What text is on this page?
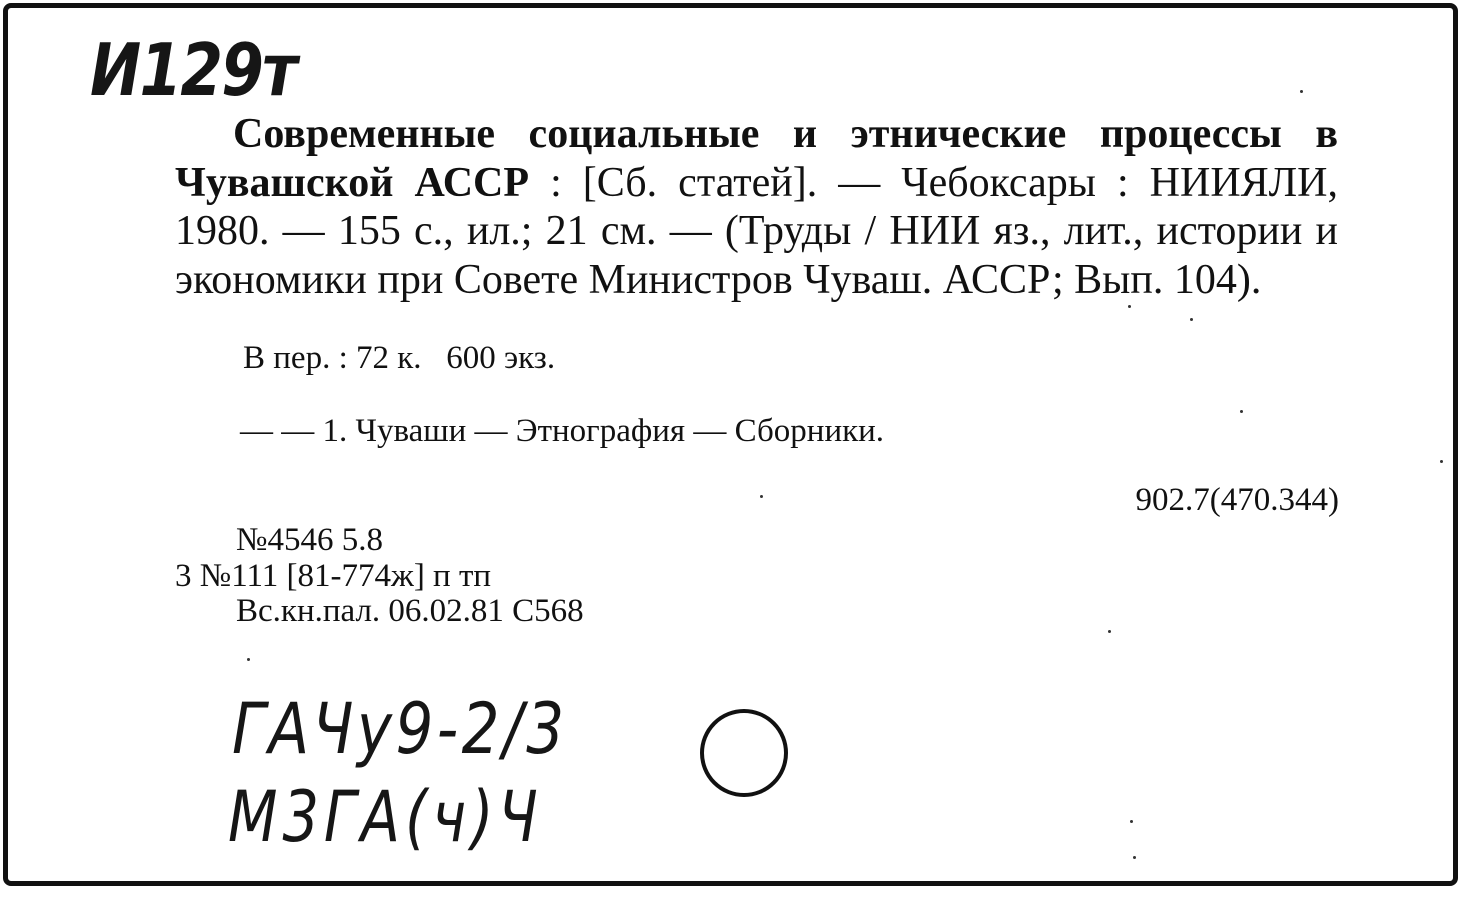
И129т

Современные социальные и этнические процессы в Чувашской АССР : [Сб. статей]. — Чебоксары : НИИЯЛИ, 1980. — 155 с., ил.; 21 см. — (Труды / НИИ яз., лит., истории и экономики при Совете Министров Чуваш. АССР; Вып. 104).

В пер. : 72 к.   600 экз.

— — 1. Чуваши — Этнография — Сборники.

902.7(470.344)

№4546 5.8

3 №111 [81-774ж] п тп

Вс.кн.пал. 06.02.81 С568

ГАЧу9-2/3
М3ГА(ч)Ч
